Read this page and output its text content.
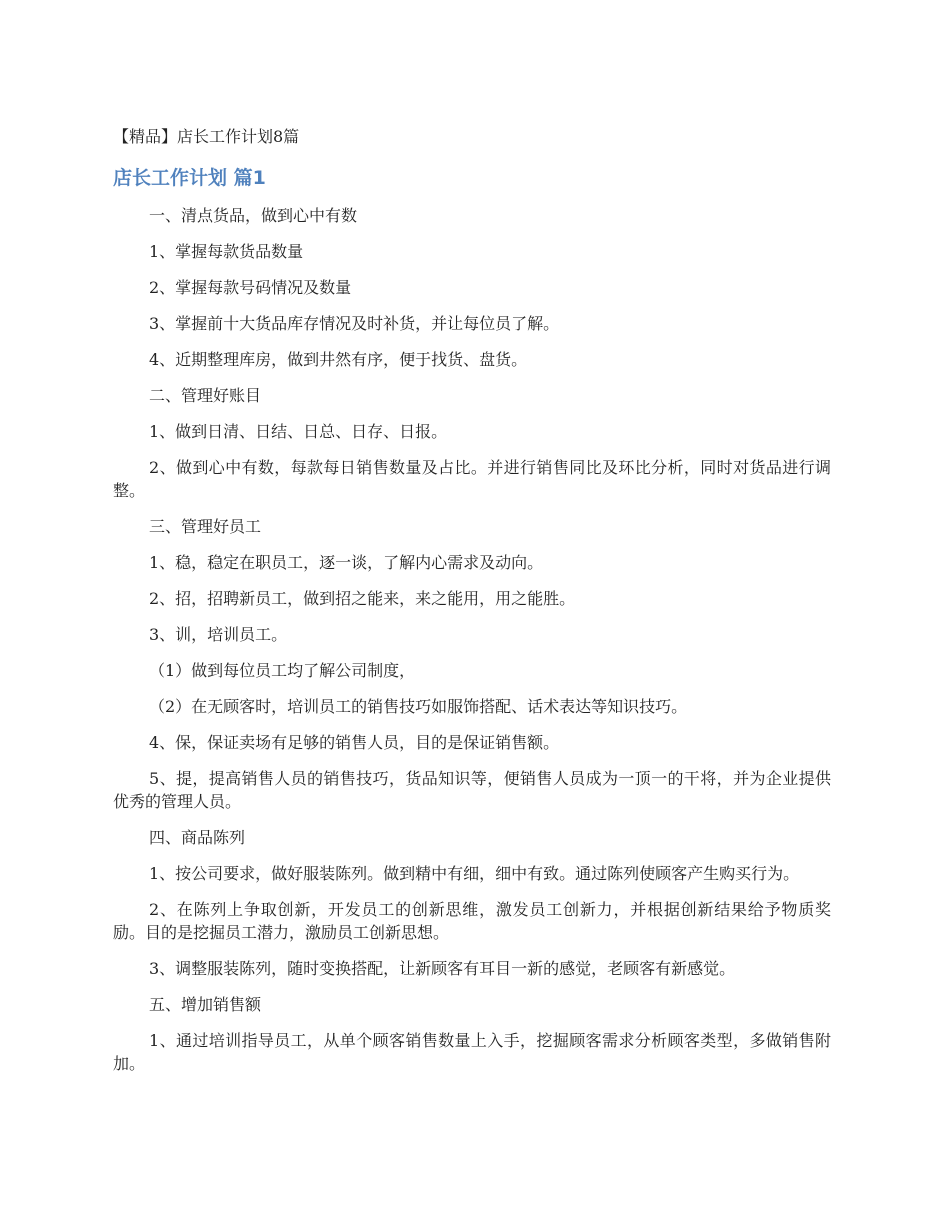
【精品】店长工作计划8篇
店长工作计划 篇1

一、清点货品，做到心中有数

1、掌握每款货品数量

2、掌握每款号码情况及数量

3、掌握前十大货品库存情况及时补货，并让每位员了解。

4、近期整理库房，做到井然有序，便于找货、盘货。

二、管理好账目

1、做到日清、日结、日总、日存、日报。

2、做到心中有数，每款每日销售数量及占比。并进行销售同比及环比分析，同时对货品进行调整。

三、管理好员工

1、稳，稳定在职员工，逐一谈，了解内心需求及动向。

2、招，招聘新员工，做到招之能来，来之能用，用之能胜。

3、训，培训员工。

（1）做到每位员工均了解公司制度，

（2）在无顾客时，培训员工的销售技巧如服饰搭配、话术表达等知识技巧。

4、保，保证卖场有足够的销售人员，目的是保证销售额。

5、提，提高销售人员的销售技巧，货品知识等，便销售人员成为一顶一的干将，并为企业提供优秀的管理人员。

四、商品陈列

1、按公司要求，做好服装陈列。做到精中有细，细中有致。通过陈列使顾客产生购买行为。

2、在陈列上争取创新，开发员工的创新思维，激发员工创新力，并根据创新结果给予物质奖励。目的是挖掘员工潜力，激励员工创新思想。

3、调整服装陈列，随时变换搭配，让新顾客有耳目一新的感觉，老顾客有新感觉。

五、增加销售额

1、通过培训指导员工，从单个顾客销售数量上入手，挖掘顾客需求分析顾客类型，多做销售附加。
